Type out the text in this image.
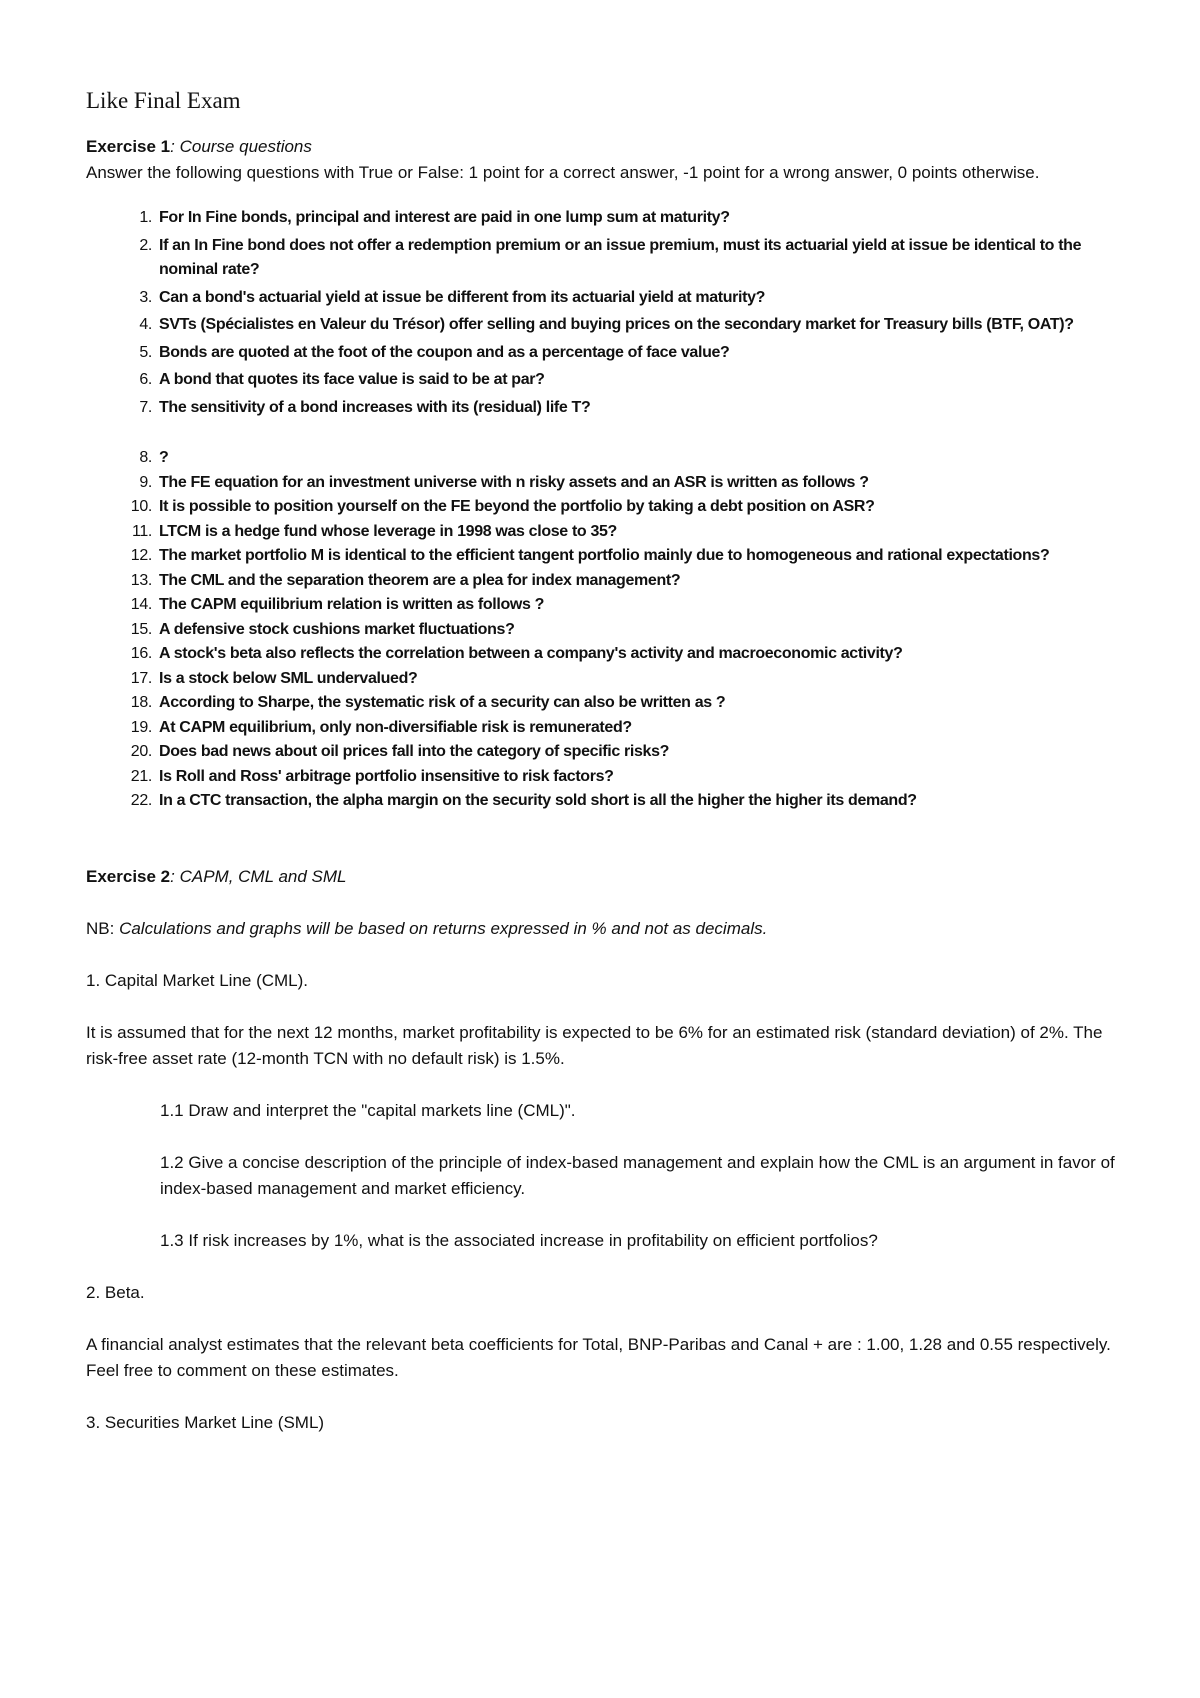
Like Final Exam

Exercise 1: Course questions

Answer the following questions with True or False: 1 point for a correct answer, -1 point for a wrong answer, 0 points otherwise.

1. For In Fine bonds, principal and interest are paid in one lump sum at maturity?
2. If an In Fine bond does not offer a redemption premium or an issue premium, must its actuarial yield at issue be identical to the nominal rate?
3. Can a bond's actuarial yield at issue be different from its actuarial yield at maturity?
4. SVTs (Spécialistes en Valeur du Trésor) offer selling and buying prices on the secondary market for Treasury bills (BTF, OAT)?
5. Bonds are quoted at the foot of the coupon and as a percentage of face value?
6. A bond that quotes its face value is said to be at par?
7. The sensitivity of a bond increases with its (residual) life T?
8. ?
9. The FE equation for an investment universe with n risky assets and an ASR is written as follows ?
10. It is possible to position yourself on the FE beyond the portfolio by taking a debt position on ASR?
11. LTCM is a hedge fund whose leverage in 1998 was close to 35?
12. The market portfolio M is identical to the efficient tangent portfolio mainly due to homogeneous and rational expectations?
13. The CML and the separation theorem are a plea for index management?
14. The CAPM equilibrium relation is written as follows ?
15. A defensive stock cushions market fluctuations?
16. A stock's beta also reflects the correlation between a company's activity and macroeconomic activity?
17. Is a stock below SML undervalued?
18. According to Sharpe, the systematic risk of a security can also be written as ?
19. At CAPM equilibrium, only non-diversifiable risk is remunerated?
20. Does bad news about oil prices fall into the category of specific risks?
21. Is Roll and Ross' arbitrage portfolio insensitive to risk factors?
22. In a CTC transaction, the alpha margin on the security sold short is all the higher the higher its demand?

Exercise 2: CAPM, CML and SML

NB: Calculations and graphs will be based on returns expressed in % and not as decimals.

1. Capital Market Line (CML).

It is assumed that for the next 12 months, market profitability is expected to be 6% for an estimated risk (standard deviation) of 2%. The risk-free asset rate (12-month TCN with no default risk) is 1.5%.

1.1 Draw and interpret the "capital markets line (CML)".

1.2 Give a concise description of the principle of index-based management and explain how the CML is an argument in favor of index-based management and market efficiency.

1.3 If risk increases by 1%, what is the associated increase in profitability on efficient portfolios?

2. Beta.

A financial analyst estimates that the relevant beta coefficients for Total, BNP-Paribas and Canal + are : 1.00, 1.28 and 0.55 respectively. Feel free to comment on these estimates.

3. Securities Market Line (SML)
